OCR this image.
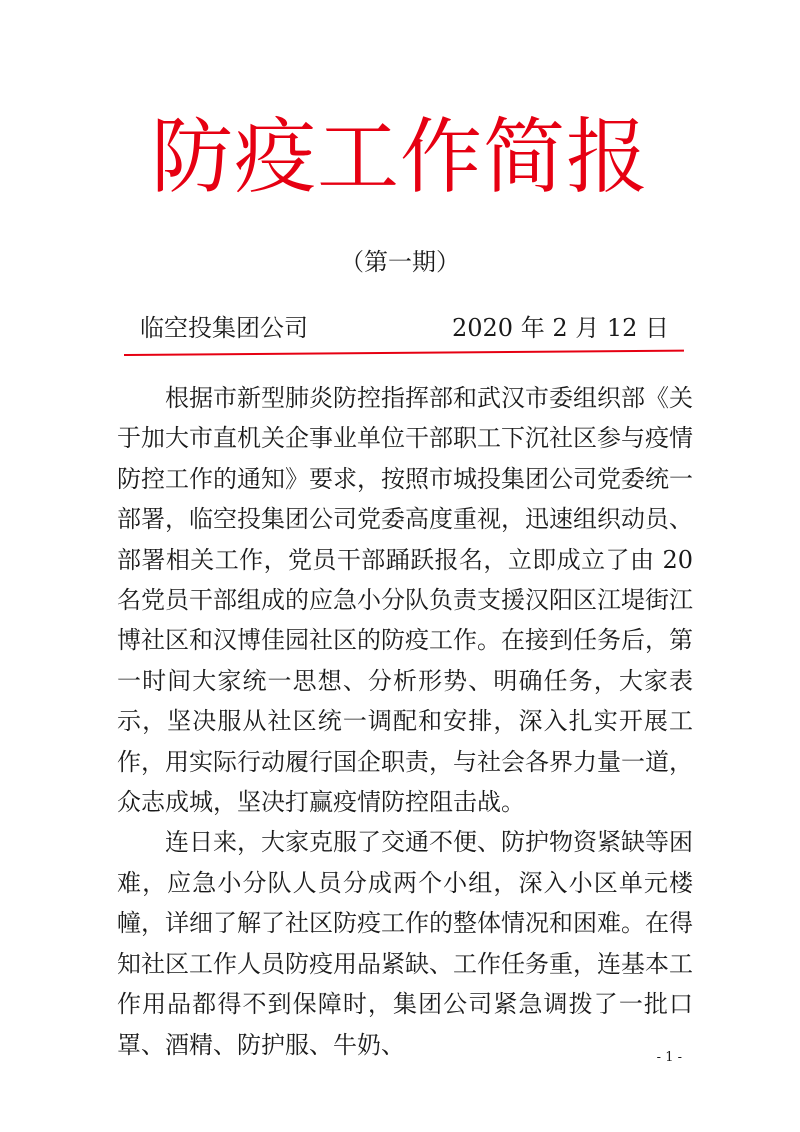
防疫工作简报
（第一期）
临空投集团公司	2020 年 2 月 12 日

根据市新型肺炎防控指挥部和武汉市委组织部《关于加大市直机关企事业单位干部职工下沉社区参与疫情防控工作的通知》要求，按照市城投集团公司党委统一部署，临空投集团公司党委高度重视，迅速组织动员、部署相关工作，党员干部踊跃报名，立即成立了由 20 名党员干部组成的应急小分队负责支援汉阳区江堤街江博社区和汉博佳园社区的防疫工作。在接到任务后，第一时间大家统一思想、分析形势、明确任务，大家表示，坚决服从社区统一调配和安排，深入扎实开展工作，用实际行动履行国企职责，与社会各界力量一道，众志成城，坚决打赢疫情防控阻击战。

连日来，大家克服了交通不便、防护物资紧缺等困难，应急小分队人员分成两个小组，深入小区单元楼幢，详细了解了社区防疫工作的整体情况和困难。在得知社区工作人员防疫用品紧缺、工作任务重，连基本工作用品都得不到保障时，集团公司紧急调拨了一批口罩、酒精、防护服、牛奶、	- 1 -
